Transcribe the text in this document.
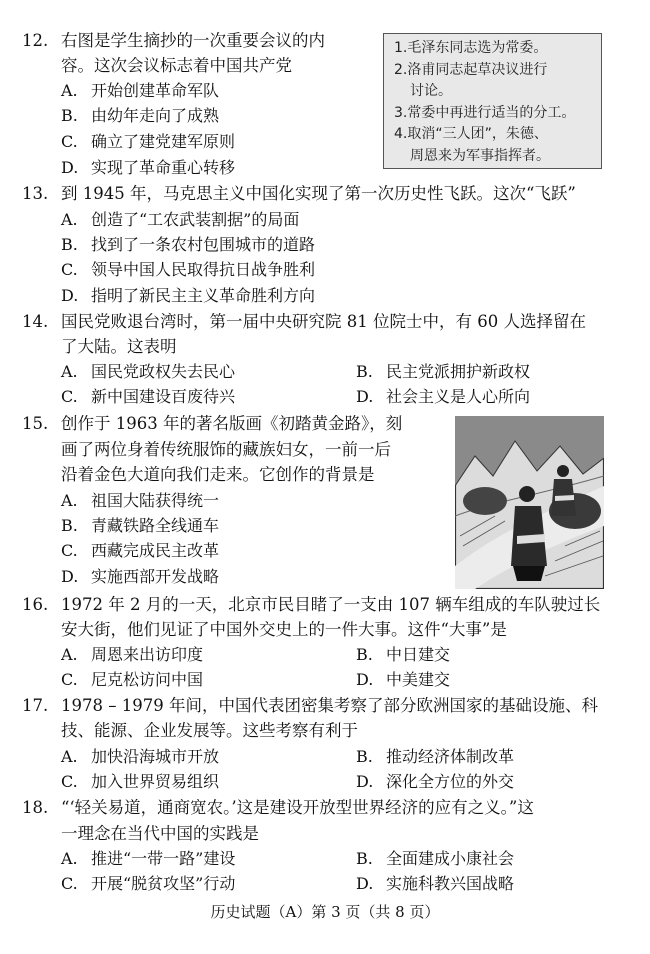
12. 右图是学生摘抄的一次重要会议的内
容。这次会议标志着中国共产党
A. 开始创建革命军队
B. 由幼年走向了成熟
C. 确立了建党建军原则
D. 实现了革命重心转移
1.毛泽东同志选为常委。
2.洛甫同志起草决议进行
讨论。
3.常委中再进行适当的分工。
4.取消“三人团”，朱德、
周恩来为军事指挥者。
13. 到 1945 年，马克思主义中国化实现了第一次历史性飞跃。这次“飞跃”
A. 创造了“工农武装割据”的局面
B. 找到了一条农村包围城市的道路
C. 领导中国人民取得抗日战争胜利
D. 指明了新民主主义革命胜利方向
14. 国民党败退台湾时，第一届中央研究院 81 位院士中，有 60 人选择留在
了大陆。这表明
A. 国民党政权失去民心	B. 民主党派拥护新政权
C. 新中国建设百废待兴	D. 社会主义是人心所向
15. 创作于 1963 年的著名版画《初踏黄金路》，刻
画了两位身着传统服饰的藏族妇女，一前一后
沿着金色大道向我们走来。它创作的背景是
A. 祖国大陆获得统一
B. 青藏铁路全线通车
C. 西藏完成民主改革
D. 实施西部开发战略
16. 1972 年 2 月的一天，北京市民目睹了一支由 107 辆车组成的车队驶过长
安大街，他们见证了中国外交史上的一件大事。这件“大事”是
A. 周恩来出访印度	B. 中日建交
C. 尼克松访问中国	D. 中美建交
17. 1978 – 1979 年间，中国代表团密集考察了部分欧洲国家的基础设施、科
技、能源、企业发展等。这些考察有利于
A. 加快沿海城市开放	B. 推动经济体制改革
C. 加入世界贸易组织	D. 深化全方位的外交
18. “‘轻关易道，通商宽农。’这是建设开放型世界经济的应有之义。”这
一理念在当代中国的实践是
A. 推进“一带一路”建设	B. 全面建成小康社会
C. 开展“脱贫攻坚”行动	D. 实施科教兴国战略
历史试题（A）第 3 页（共 8 页）
